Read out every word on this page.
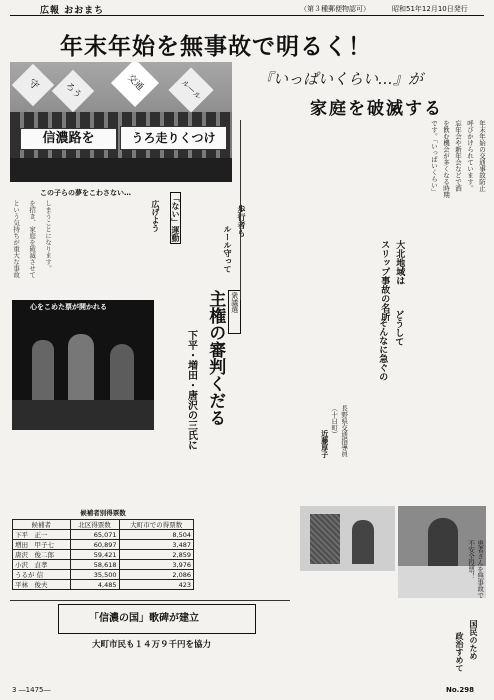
広報 おおまち	（第３種郵便物認可）	昭和51年12月10日発行
年末年始を無事故で明るく！
守	ろう	交通	ルール
信濃路を	うろ走りくつけ
この子らの夢をこわさない…
という気持ちが重大な事故 を招き、家庭を破滅させて しまうことになります。	「ない」運動
広げよう	歩行者も
ルール守って
『いっぱいくらい…』が
家庭を破滅する
年末年始の交通事故防止
呼びかけられています。
忘年会や新年会などで酒
を飲む機会が多くなる時期
です。「いっぱいくらい」
大北地域は
スリップ事故の名所
どうして
そんなに急ぐの
長野県交通指導員
（十日町）
近藤厚子
心をこめた票が開かれる	衆議選
主権の審判くだる
下平・増田・唐沢の三氏に
候補者別得票数
候補者	北区得票数	大町市での得票数
下平　正一	65,071	8,504
増田　甲子七	60,897	3,487
唐沢　俊二郎	59,421	2,859
小沢　貞孝	58,618	3,976
うるが 信	35,500	2,086
平林　俊夫	4,485	423	患者さんを無事故で
不安全投票！
国民のため
政治すめて
「信濃の国」歌碑が建立
大町市民も１４万９千円を協力
3 ―1475―	No.298
